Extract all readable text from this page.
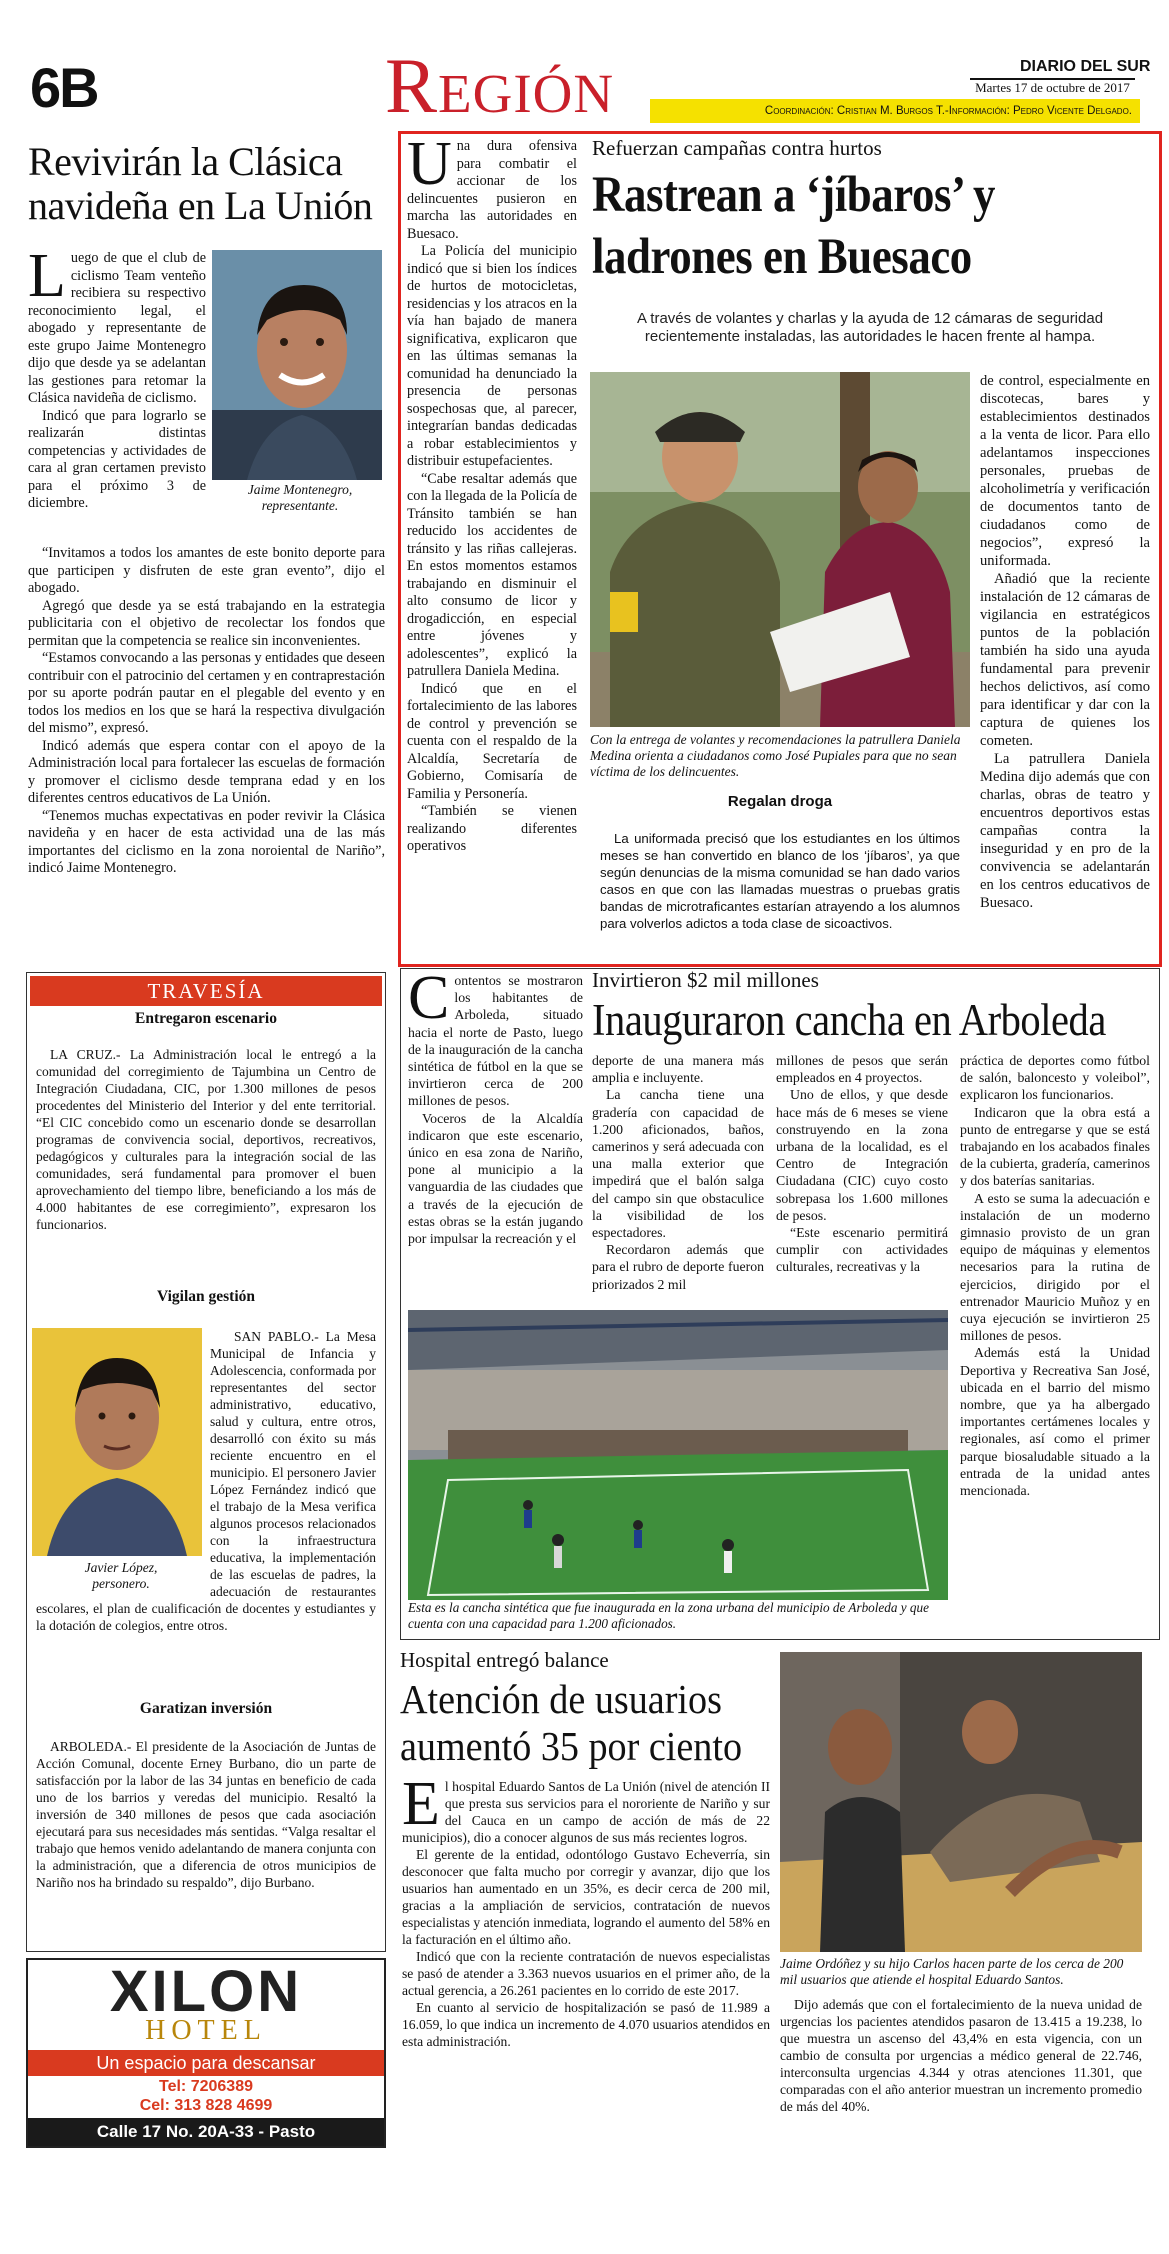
6B	Región	DIARIO DEL SUR
Martes 17 de octubre de 2017
Coordinación: Cristian M. Burgos T.-Información: Pedro Vicente Delgado.
Revivirán la Clásica navideña en La Unión
Jaime Montenegro, representante.
L uego de que el club de ciclismo Team venteño recibiera su respectivo reconocimiento legal, el abogado y representante de este grupo Jaime Montenegro dijo que desde ya se adelantan las gestiones para retomar la Clásica navideña de ciclismo.

Indicó que para lograrlo se realizarán distintas competencias y actividades de cara al gran certamen previsto para el próximo 3 de diciembre.

“Invitamos a todos los amantes de este bonito deporte para que participen y disfruten de este gran evento”, dijo el abogado.

Agregó que desde ya se está trabajando en la estrategia publicitaria con el objetivo de recolectar los fondos que permitan que la competencia se realice sin inconvenientes.

“Estamos convocando a las personas y entidades que deseen contribuir con el patrocinio del certamen y en contraprestación por su aporte podrán pautar en el plegable del evento y en todos los medios en los que se hará la respectiva divulgación del mismo”, expresó.

Indicó además que espera contar con el apoyo de la Administración local para fortalecer las escuelas de formación y promover el ciclismo desde temprana edad y en los diferentes centros educativos de La Unión.

“Tenemos muchas expectativas en poder revivir la Clásica navideña y en hacer de esta actividad una de las más importantes del ciclismo en la zona noroiental de Nariño”, indicó Jaime Montenegro.

U na dura ofensiva para combatir el accionar de los delincuentes pusieron en marcha las autoridades en Buesaco.

La Policía del municipio indicó que si bien los índices de hurtos de motocicletas, residencias y los atracos en la vía han bajado de manera significativa, explicaron que en las últimas semanas la comunidad ha denunciado la presencia de personas sospechosas que, al parecer, integrarían bandas dedicadas a robar establecimientos y distribuir estupefacientes.

“Cabe resaltar además que con la llegada de la Policía de Tránsito también se han reducido los accidentes de tránsito y las riñas callejeras. En estos momentos estamos trabajando en disminuir el alto consumo de licor y drogadicción, en especial entre jóvenes y adolescentes”, explicó la patrullera Daniela Medina.

Indicó que en el fortalecimiento de las labores de control y prevención se cuenta con el respaldo de la Alcaldía, Secretaría de Gobierno, Comisaría de Familia y Personería.

“También se vienen realizando diferentes operativos

Refuerzan campañas contra hurtos
Rastrean a ‘jíbaros’ y ladrones en Buesaco
A través de volantes y charlas y la ayuda de 12 cámaras de seguridad recientemente instaladas, las autoridades le hacen frente al hampa.
Con la entrega de volantes y recomendaciones la patrullera Daniela Medina orienta a ciudadanos como José Pupiales para que no sean víctima de los delincuentes.
Regalan droga

La uniformada precisó que los estudiantes en los últimos meses se han convertido en blanco de los ‘jíbaros’, ya que según denuncias de la misma comunidad se han dado varios casos en que con las llamadas muestras o pruebas gratis bandas de microtraficantes estarían atrayendo a los alumnos para volverlos adictos a toda clase de sicoactivos.

de control, especialmente en discotecas, bares y establecimientos destinados a la venta de licor. Para ello adelantamos inspecciones personales, pruebas de alcoholimetría y verificación de documentos tanto de ciudadanos como de negocios”, expresó la uniformada.

Añadió que la reciente instalación de 12 cámaras de vigilancia en estratégicos puntos de la población también ha sido una ayuda fundamental para prevenir hechos delictivos, así como para identificar y dar con la captura de quienes los cometen.

La patrullera Daniela Medina dijo además que con charlas, obras de teatro y encuentros deportivos estas campañas contra la inseguridad y en pro de la convivencia se adelantarán en los centros educativos de Buesaco.

TRAVESÍA
Entregaron escenario

LA CRUZ.- La Administración local le entregó a la comunidad del corregimiento de Tajumbina un Centro de Integración Ciudadana, CIC, por 1.300 millones de pesos procedentes del Ministerio del Interior y del ente territorial. “El CIC concebido como un escenario donde se desarrollan programas de convivencia social, deportivos, recreativos, pedagógicos y culturales para la integración social de las comunidades, será fundamental para promover el buen aprovechamiento del tiempo libre, beneficiando a los más de 4.000 habitantes de ese corregimiento”, expresaron los funcionarios.

Vigilan gestión
Javier López, personero.

SAN PABLO.- La Mesa Municipal de Infancia y Adolescencia, conformada por representantes del sector administrativo, educativo, salud y cultura, entre otros, desarrolló con éxito su más reciente encuentro en el municipio. El personero Javier López Fernández indicó que el trabajo de la Mesa verifica algunos procesos relacionados con la infraestructura educativa, la implementación de las escuelas de padres, la adecuación de restaurantes escolares, el plan de cualificación de docentes y estudiantes y la dotación de colegios, entre otros.

Garatizan inversión

ARBOLEDA.- El presidente de la Asociación de Juntas de Acción Comunal, docente Erney Burbano, dio un parte de satisfacción por la labor de las 34 juntas en beneficio de cada uno de los barrios y veredas del municipio. Resaltó la inversión de 340 millones de pesos que cada asociación ejecutará para sus necesidades más sentidas. “Valga resaltar el trabajo que hemos venido adelantando de manera conjunta con la administración, que a diferencia de otros municipios de Nariño nos ha brindado su respaldo”, dijo Burbano.

XILON
HOTEL
Un espacio para descansar
Tel: 7206389
Cel: 313 828 4699
Calle 17 No. 20A-33 - Pasto
C ontentos se mostraron los habitantes de Arboleda, situado hacia el norte de Pasto, luego de la inauguración de la cancha sintética de fútbol en la que se invirtieron cerca de 200 millones de pesos.

Voceros de la Alcaldía indicaron que este escenario, único en esa zona de Nariño, pone al municipio a la vanguardia de las ciudades que a través de la ejecución de estas obras se la están jugando por impulsar la recreación y el

Invirtieron $2 mil millones
Inauguraron cancha en Arboleda
deporte de una manera más amplia e incluyente.

La cancha tiene una gradería con capacidad de 1.200 aficionados, baños, camerinos y será adecuada con una malla exterior que impedirá que el balón salga del campo sin que obstaculice la visibilidad de los espectadores.

Recordaron además que para el rubro de deporte fueron priorizados 2 mil

millones de pesos que serán empleados en 4 proyectos.

Uno de ellos, y que desde hace más de 6 meses se viene construyendo en la zona urbana de la localidad, es el Centro de Integración Ciudadana (CIC) cuyo costo sobrepasa los 1.600 millones de pesos.

“Este escenario permitirá cumplir con actividades culturales, recreativas y la

práctica de deportes como fútbol de salón, baloncesto y voleibol”, explicaron los funcionarios.

Indicaron que la obra está a punto de entregarse y que se está trabajando en los acabados finales de la cubierta, gradería, camerinos y dos baterías sanitarias.

A esto se suma la adecuación e instalación de un moderno gimnasio provisto de un gran equipo de máquinas y elementos necesarios para la rutina de ejercicios, dirigido por el entrenador Mauricio Muñoz y en cuya ejecución se invirtieron 25 millones de pesos.

Además está la Unidad Deportiva y Recreativa San José, ubicada en el barrio del mismo nombre, que ya ha albergado importantes certámenes locales y regionales, así como el primer parque biosaludable situado a la entrada de la unidad antes mencionada.

Esta es la cancha sintética que fue inaugurada en la zona urbana del municipio de Arboleda y que cuenta con una capacidad para 1.200 aficionados.
Hospital entregó balance
Atención de usuarios aumentó 35 por ciento
E l hospital Eduardo Santos de La Unión (nivel de atención II que presta sus servicios para el nororiente de Nariño y sur del Cauca en un campo de acción de más de 22 municipios), dio a conocer algunos de sus más recientes logros.

El gerente de la entidad, odontólogo Gustavo Echeverría, sin desconocer que falta mucho por corregir y avanzar, dijo que los usuarios han aumentado en un 35%, es decir cerca de 200 mil, gracias a la ampliación de servicios, contratación de nuevos especialistas y atención inmediata, logrando el aumento del 58% en la facturación en el último año.

Indicó que con la reciente contratación de nuevos especialistas se pasó de atender a 3.363 nuevos usuarios en el primer año, de la actual gerencia, a 26.261 pacientes en lo corrido de este 2017.

En cuanto al servicio de hospitalización se pasó de 11.989 a 16.059, lo que indica un incremento de 4.070 usuarios atendidos en esta administración.

Jaime Ordóñez y su hijo Carlos hacen parte de los cerca de 200 mil usuarios que atiende el hospital Eduardo Santos.

Dijo además que con el fortalecimiento de la nueva unidad de urgencias los pacientes atendidos pasaron de 13.415 a 19.238, lo que muestra un ascenso del 43,4% en esta vigencia, con un cambio de consulta por urgencias a médico general de 22.746, interconsulta urgencias 4.344 y otras atenciones 11.301, que comparadas con el año anterior muestran un incremento promedio de más del 40%.
